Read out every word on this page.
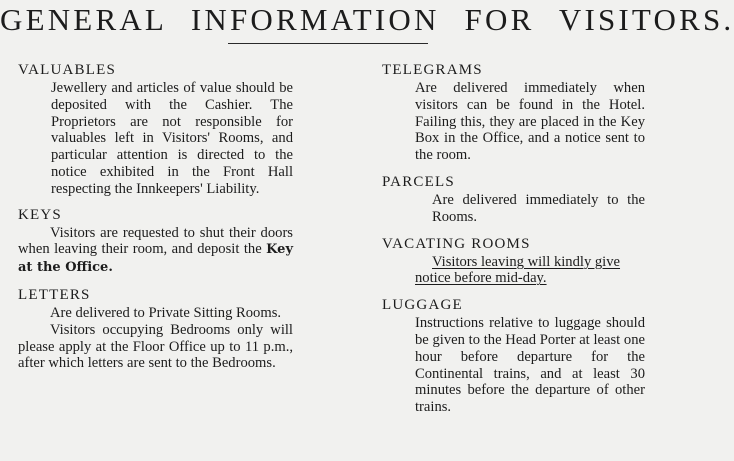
GENERAL INFORMATION FOR VISITORS.
VALUABLES

Jewellery and articles of value should be deposited with the Cashier. The Proprietors are not responsible for valuables left in Visitors' Rooms, and particular attention is directed to the notice exhibited in the Front Hall respecting the Innkeepers' Liability.

KEYS

Visitors are requested to shut their doors when leaving their room, and deposit the Key at the Office.

LETTERS

Are delivered to Private Sitting Rooms.

Visitors occupying Bedrooms only will please apply at the Floor Office up to 11 p.m., after which letters are sent to the Bedrooms.

TELEGRAMS

Are delivered immediately when visitors can be found in the Hotel. Failing this, they are placed in the Key Box in the Office, and a notice sent to the room.

PARCELS

Are delivered immediately to the Rooms.

VACATING ROOMS

Visitors leaving will kindly give
notice before mid-day.

LUGGAGE

Instructions relative to luggage should be given to the Head Porter at least one hour before departure for the Continental trains, and at least 30 minutes before the departure of other trains.
